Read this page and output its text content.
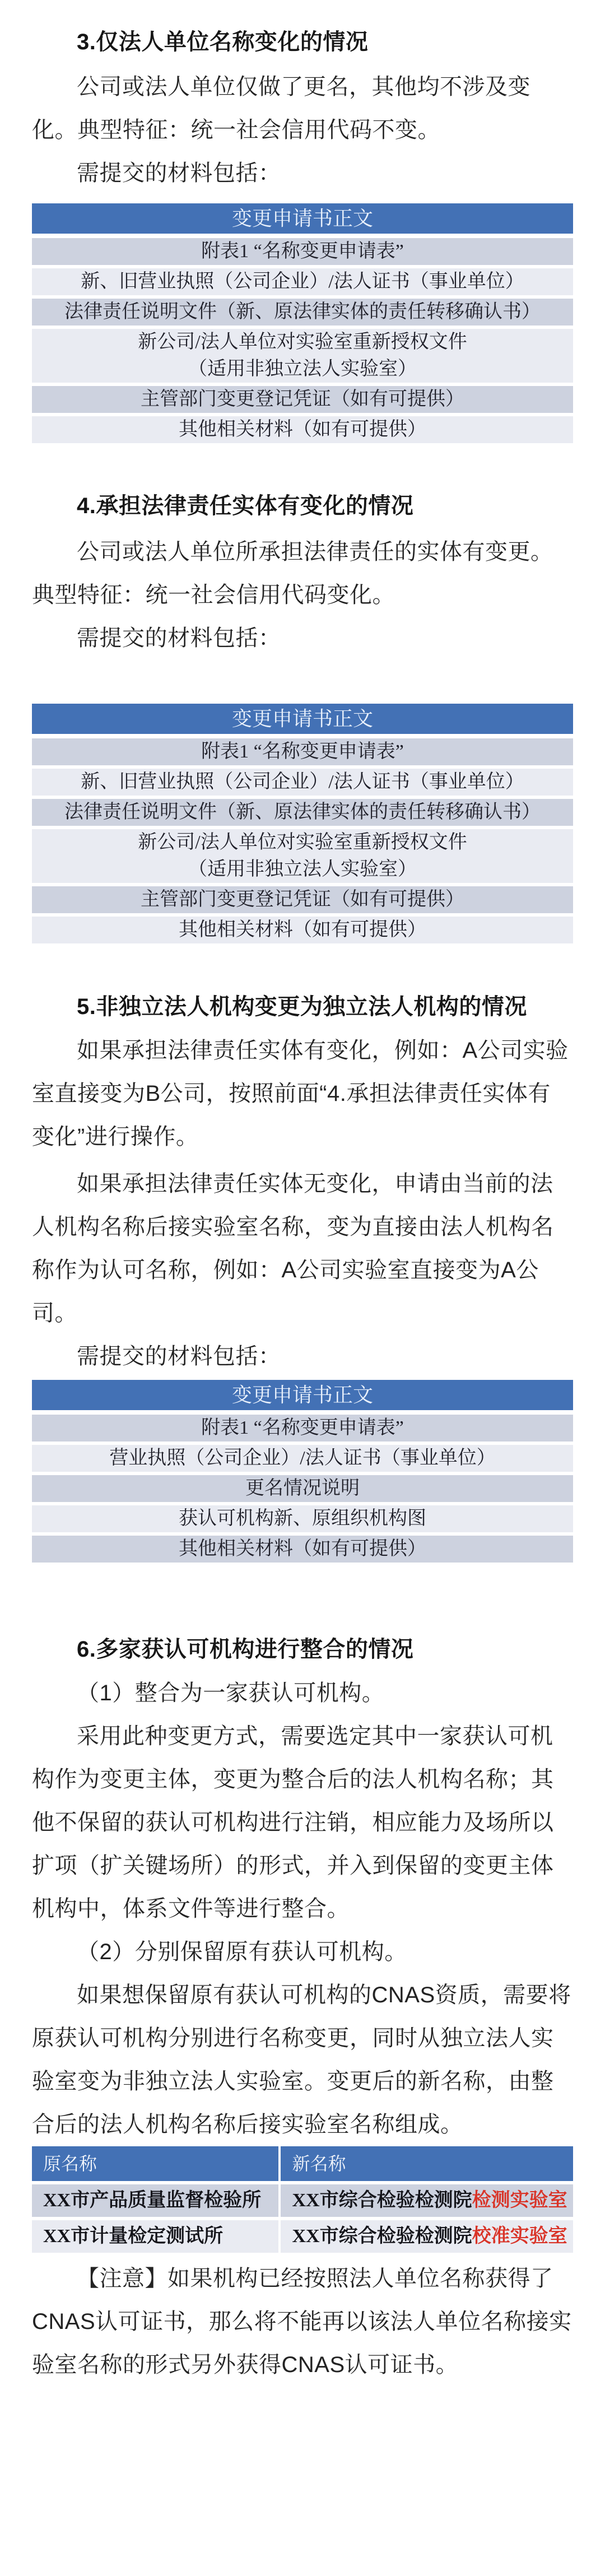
3.仅法人单位名称变化的情况

公司或法人单位仅做了更名，其他均不涉及变化。典型特征：统一社会信用代码不变。

需提交的材料包括：

变更申请书正文
附表1 “名称变更申请表”
新、旧营业执照（公司企业）/法人证书（事业单位）
法律责任说明文件（新、原法律实体的责任转移确认书）
新公司/法人单位对实验室重新授权文件
（适用非独立法人实验室）
主管部门变更登记凭证（如有可提供）
其他相关材料（如有可提供）
4.承担法律责任实体有变化的情况

公司或法人单位所承担法律责任的实体有变更。典型特征：统一社会信用代码变化。

需提交的材料包括：

变更申请书正文
附表1 “名称变更申请表”
新、旧营业执照（公司企业）/法人证书（事业单位）
法律责任说明文件（新、原法律实体的责任转移确认书）
新公司/法人单位对实验室重新授权文件
（适用非独立法人实验室）
主管部门变更登记凭证（如有可提供）
其他相关材料（如有可提供）
5.非独立法人机构变更为独立法人机构的情况

如果承担法律责任实体有变化，例如：A公司实验室直接变为B公司，按照前面“4.承担法律责任实体有变化”进行操作。

如果承担法律责任实体无变化，申请由当前的法人机构名称后接实验室名称，变为直接由法人机构名称作为认可名称，例如：A公司实验室直接变为A公司。

需提交的材料包括：

变更申请书正文
附表1 “名称变更申请表”
营业执照（公司企业）/法人证书（事业单位）
更名情况说明
获认可机构新、原组织机构图
其他相关材料（如有可提供）
6.多家获认可机构进行整合的情况

（1）整合为一家获认可机构。

采用此种变更方式，需要选定其中一家获认可机构作为变更主体，变更为整合后的法人机构名称；其他不保留的获认可机构进行注销，相应能力及场所以扩项（扩关键场所）的形式，并入到保留的变更主体机构中，体系文件等进行整合。

（2）分别保留原有获认可机构。

如果想保留原有获认可机构的CNAS资质，需要将原获认可机构分别进行名称变更，同时从独立法人实验室变为非独立法人实验室。变更后的新名称，由整合后的法人机构名称后接实验室名称组成。

原名称	新名称
XX市产品质量监督检验所	XX市综合检验检测院检测实验室
XX市计量检定测试所	XX市综合检验检测院校准实验室

【注意】如果机构已经按照法人单位名称获得了CNAS认可证书，那么将不能再以该法人单位名称接实验室名称的形式另外获得CNAS认可证书。
